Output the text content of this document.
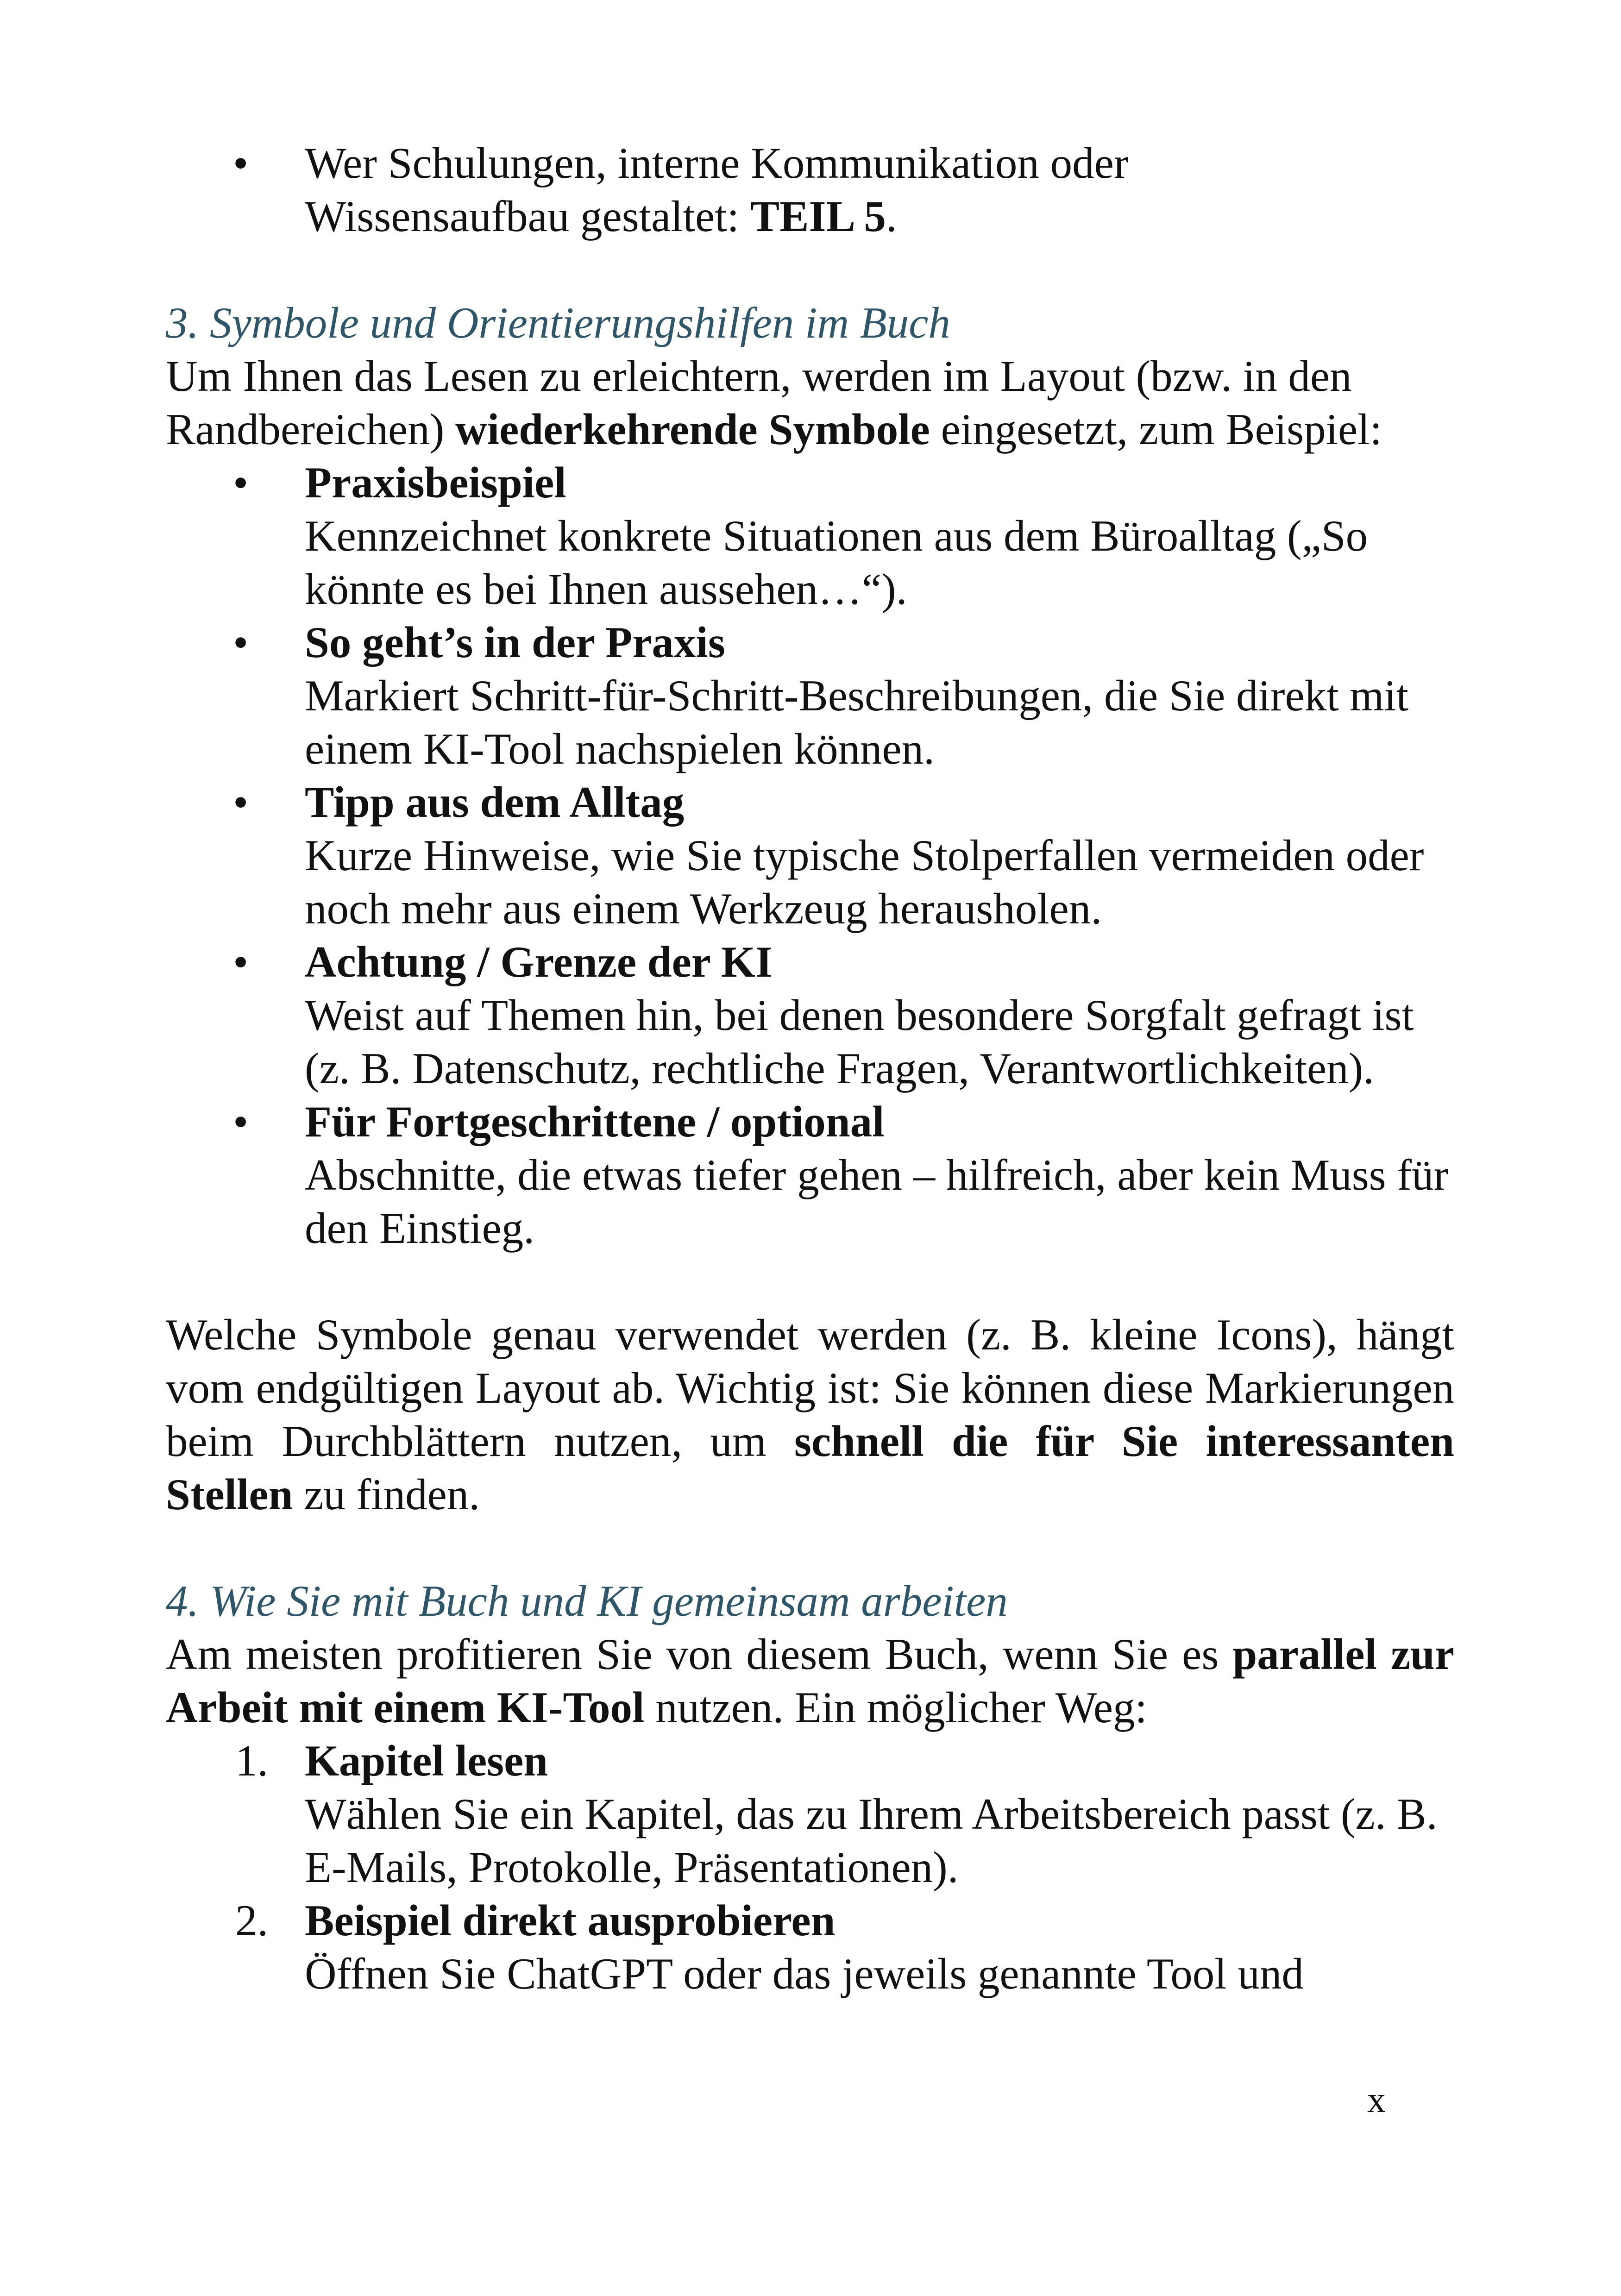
• Wer Schulungen, interne Kommunikation oder
Wissensaufbau gestaltet: TEIL 5.

3. Symbole und Orientierungshilfen im Buch

Um Ihnen das Lesen zu erleichtern, werden im Layout (bzw. in den Randbereichen) wiederkehrende Symbole eingesetzt, zum Beispiel:

• Praxisbeispiel

Kennzeichnet konkrete Situationen aus dem Büroalltag („So könnte es bei Ihnen aussehen…“).

• So geht’s in der Praxis

Markiert Schritt-für-Schritt-Beschreibungen, die Sie direkt mit einem KI-Tool nachspielen können.

• Tipp aus dem Alltag

Kurze Hinweise, wie Sie typische Stolperfallen vermeiden oder noch mehr aus einem Werkzeug herausholen.

• Achtung / Grenze der KI

Weist auf Themen hin, bei denen besondere Sorgfalt gefragt ist (z. B. Datenschutz, rechtliche Fragen, Verantwortlichkeiten).

• Für Fortgeschrittene / optional

Abschnitte, die etwas tiefer gehen – hilfreich, aber kein Muss für den Einstieg.

Welche Symbole genau verwendet werden (z. B. kleine Icons), hängt vom endgültigen Layout ab. Wichtig ist: Sie können diese Markierungen beim Durchblättern nutzen, um schnell die für Sie interessanten Stellen zu finden.

4. Wie Sie mit Buch und KI gemeinsam arbeiten

Am meisten profitieren Sie von diesem Buch, wenn Sie es parallel zur Arbeit mit einem KI-Tool nutzen. Ein möglicher Weg:

1. Kapitel lesen

Wählen Sie ein Kapitel, das zu Ihrem Arbeitsbereich passt (z. B. E-Mails, Protokolle, Präsentationen).

2. Beispiel direkt ausprobieren

Öffnen Sie ChatGPT oder das jeweils genannte Tool und

x
